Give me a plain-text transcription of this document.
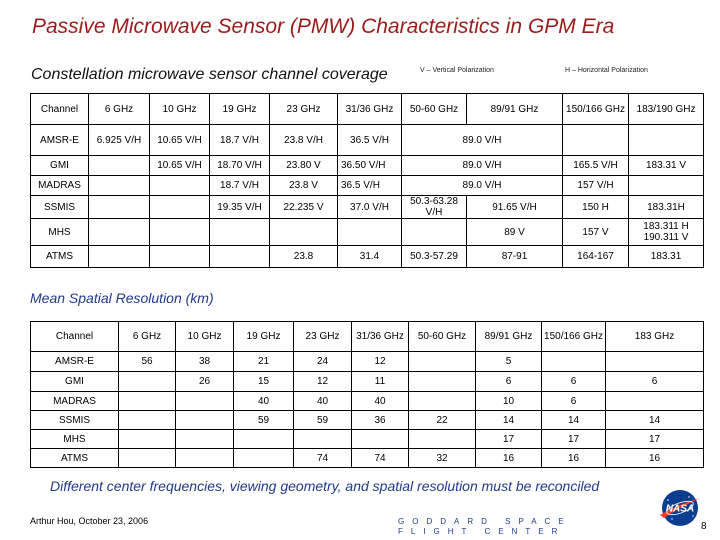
Passive Microwave Sensor (PMW) Characteristics in GPM Era
Constellation microwave sensor channel coverage	V – Vertical Polarization	H – Horizontal Polarization
Channel	6 GHz	10 GHz	19 GHz	23 GHz	31/36 GHz	50-60 GHz	89/91 GHz	150/166 GHz	183/190 GHz
AMSR-E	6.925 V/H	10.65 V/H	18.7 V/H	23.8 V/H	36.5 V/H	89.0 V/H			
GMI		10.65 V/H	18.70 V/H	23.80 V	36.50 V/H	89.0 V/H		165.5 V/H	183.31 V
MADRAS			18.7 V/H	23.8 V	36.5 V/H	89.0 V/H		157 V/H	
SSMIS			19.35 V/H	22.235 V	37.0 V/H	50.3-63.28 V/H	91.65 V/H	150 H	183.31H
MHS							89 V	157 V	183.311 H 190.311 V
ATMS				23.8	31.4	50.3-57.29	87-91	164-167	183.31
Mean Spatial Resolution (km)
Channel	6 GHz	10 GHz	19 GHz	23 GHz	31/36 GHz	50-60 GHz	89/91 GHz	150/166 GHz	183 GHz
AMSR-E	56	38	21	24	12		5		
GMI		26	15	12	11		6	6	6
MADRAS			40	40	40		10	6	
SSMIS			59	59	36	22	14	14	14
MHS							17	17	17
ATMS				74	74	32	16	16	16
Different center frequencies, viewing geometry, and spatial resolution must be reconciled
Arthur Hou, October 23, 2006	GODDARD SPACE FLIGHT CENTER
NASA
8
